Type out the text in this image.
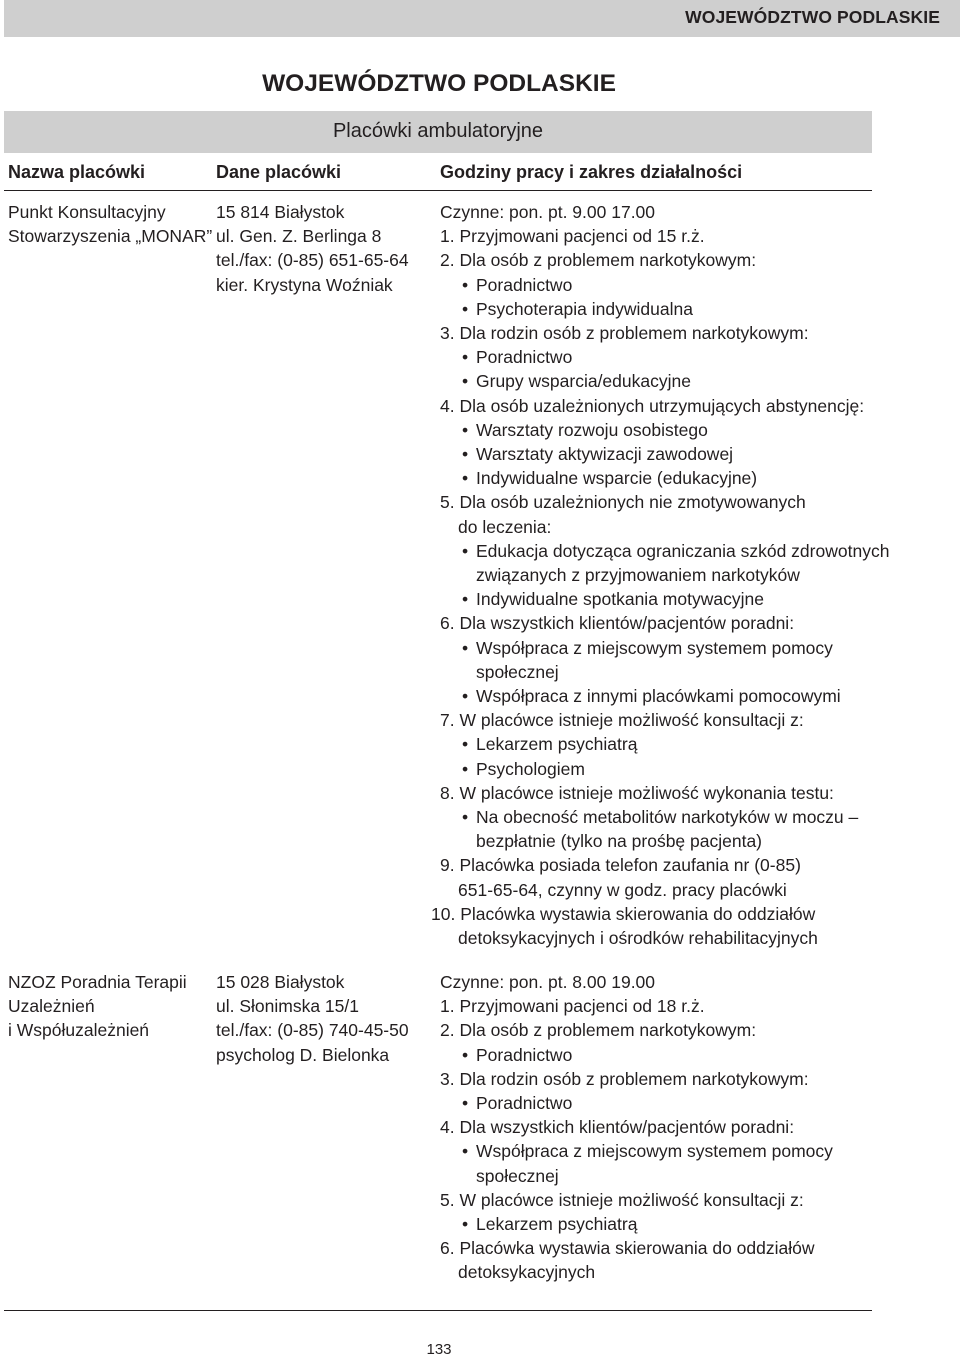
WOJEWÓDZTWO PODLASKIE
WOJEWÓDZTWO PODLASKIE
Placówki ambulatoryjne
Nazwa placówki	Dane placówki	Godziny pracy i zakres działalności
Punkt Konsultacyjny
Stowarzyszenia „MONAR”
15 814 Białystok
ul. Gen. Z. Berlinga 8
tel./fax: (0-85) 651-65-64
kier. Krystyna Woźniak
Czynne: pon. pt. 9.00 17.00
1. Przyjmowani pacjenci od 15 r.ż.
2. Dla osób z problemem narkotykowym:
• Poradnictwo
• Psychoterapia indywidualna
3. Dla rodzin osób z problemem narkotykowym:
• Poradnictwo
• Grupy wsparcia/edukacyjne
4. Dla osób uzależnionych utrzymujących abstynencję:
• Warsztaty rozwoju osobistego
• Warsztaty aktywizacji zawodowej
• Indywidualne wsparcie (edukacyjne)
5. Dla osób uzależnionych nie zmotywowanych
do leczenia:
• Edukacja dotycząca ograniczania szkód zdrowotnych
związanych z przyjmowaniem narkotyków
• Indywidualne spotkania motywacyjne
6. Dla wszystkich klientów/pacjentów poradni:
• Współpraca z miejscowym systemem pomocy
społecznej
• Współpraca z innymi placówkami pomocowymi
7. W placówce istnieje możliwość konsultacji z:
• Lekarzem psychiatrą
• Psychologiem
8. W placówce istnieje możliwość wykonania testu:
• Na obecność metabolitów narkotyków w moczu –
bezpłatnie (tylko na prośbę pacjenta)
9. Placówka posiada telefon zaufania nr (0-85)
651-65-64, czynny w godz. pracy placówki
10. Placówka wystawia skierowania do oddziałów
detoksykacyjnych i ośrodków rehabilitacyjnych
NZOZ Poradnia Terapii
Uzależnień
i Współuzależnień
15 028 Białystok
ul. Słonimska 15/1
tel./fax: (0-85) 740-45-50
psycholog D. Bielonka
Czynne: pon. pt. 8.00 19.00
1. Przyjmowani pacjenci od 18 r.ż.
2. Dla osób z problemem narkotykowym:
• Poradnictwo
3. Dla rodzin osób z problemem narkotykowym:
• Poradnictwo
4. Dla wszystkich klientów/pacjentów poradni:
• Współpraca z miejscowym systemem pomocy
społecznej
5. W placówce istnieje możliwość konsultacji z:
• Lekarzem psychiatrą
6. Placówka wystawia skierowania do oddziałów
detoksykacyjnych
133
